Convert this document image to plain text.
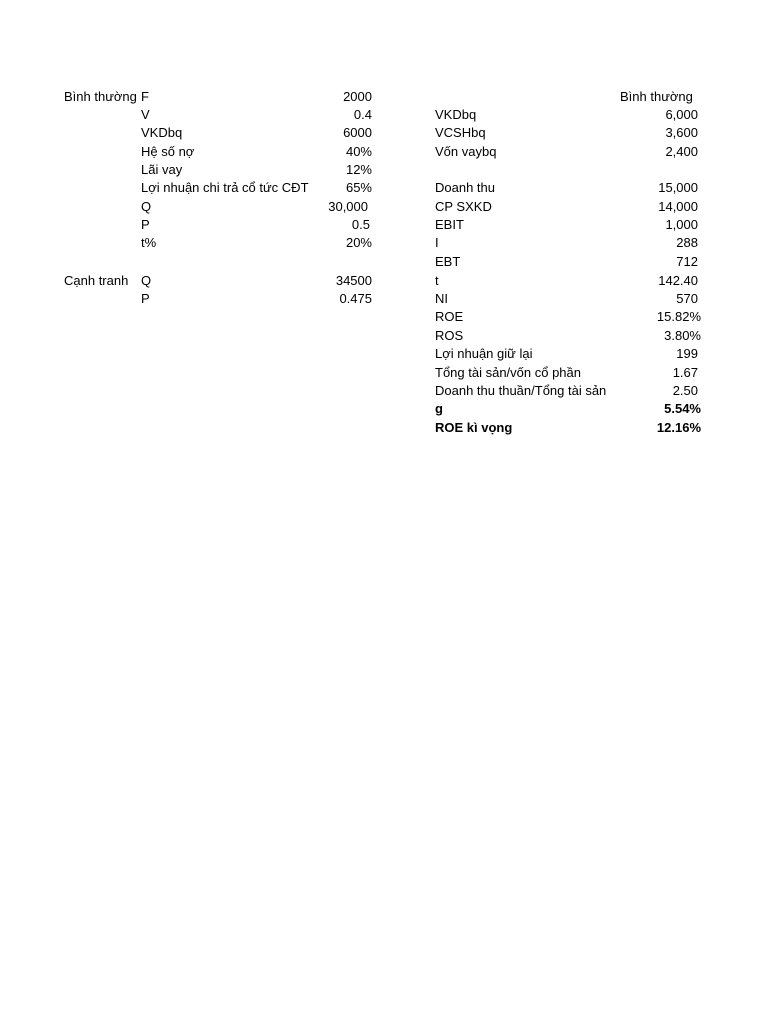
Bình thường F	2000
V	0.4
VKDbq	6000
Hệ số nợ	40%
Lãi vay	12%
Lợi nhuận chi trả cổ tức CĐT	65%
Q	30,000
P	0.5
t%	20%
Cạnh tranh Q	34500
P	0.475
Bình thường
VKDbq	6,000
VCSHbq	3,600
Vốn vaybq	2,400
Doanh thu	15,000
CP SXKD	14,000
EBIT	1,000
I	288
EBT	712
t	142.40
NI	570
ROE	15.82%
ROS	3.80%
Lợi nhuận giữ lại	199
Tổng tài sản/vốn cổ phần	1.67
Doanh thu thuần/Tổng tài sản	2.50
g	5.54%
ROE kì vọng	12.16%
